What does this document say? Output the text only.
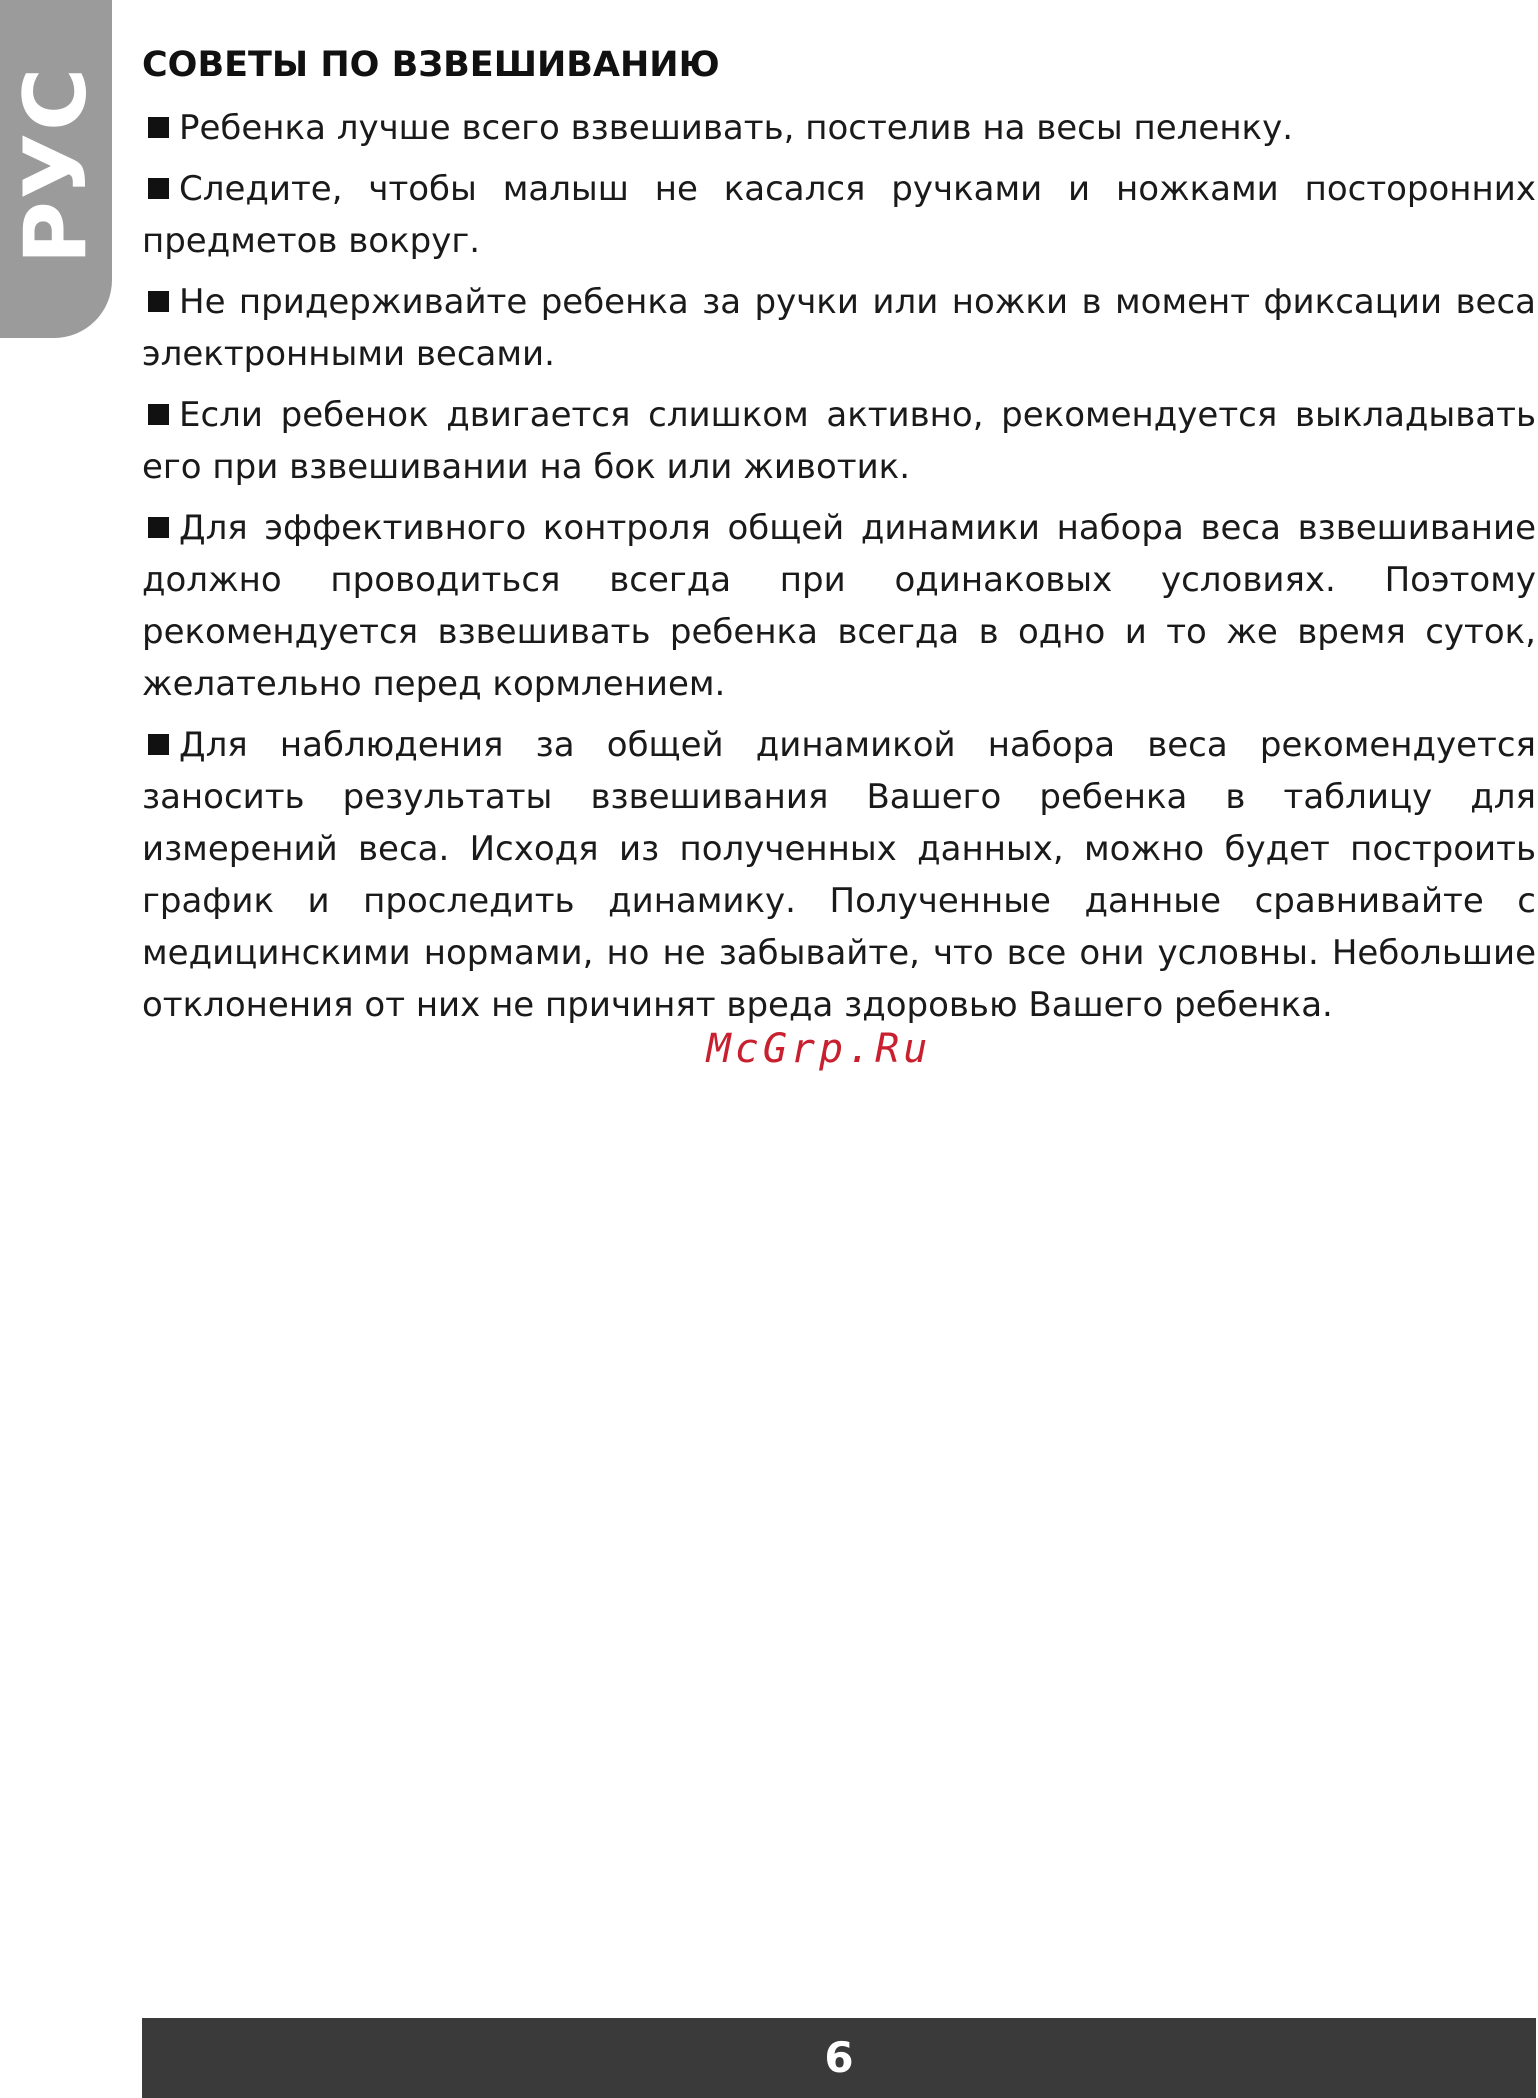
РУС
СОВЕТЫ ПО ВЗВЕШИВАНИЮ
Ребенка лучше всего взвешивать, постелив на весы пеленку.
Следите, чтобы малыш не касался ручками и ножками посторонних предметов вокруг.
Не придерживайте ребенка за ручки или ножки в момент фиксации веса электронными весами.
Если ребенок двигается слишком активно, рекомендуется выкладывать его при взвешивании на бок или животик.
Для эффективного контроля общей динамики набора веса взвешивание должно проводиться всегда при одинаковых условиях. Поэтому рекомендуется взвешивать ребенка всегда в одно и то же время суток, желательно перед кормлением.
Для наблюдения за общей динамикой набора веса рекомендуется заносить результаты взвешивания Вашего ребенка в таблицу для измерений веса. Исходя из полученных данных, можно будет построить график и проследить динамику. Полученные данные сравнивайте с медицинскими нормами, но не забывайте, что все они условны. Небольшие отклонения от них не причинят вреда здоровью Вашего ребенка.
McGrp.Ru
6
